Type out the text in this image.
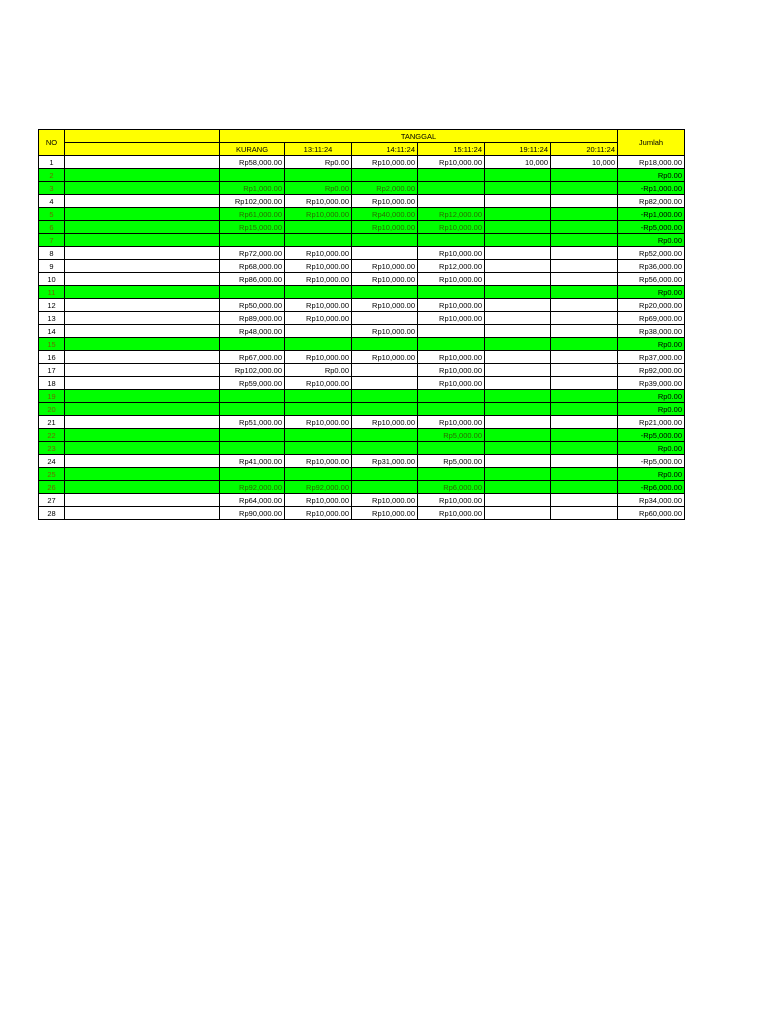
NO		TANGGAL						Jumlah
		KURANG	13:11:24	14:11:24	15:11:24	19:11:24	20:11:24	
1		Rp58,000.00	Rp0.00	Rp10,000.00	Rp10,000.00	10,000	10,000	Rp18,000.00
2								Rp0.00
3		Rp1,000.00	Rp0.00	Rp2,000.00				-Rp1,000.00
4		Rp102,000.00	Rp10,000.00	Rp10,000.00				Rp82,000.00
5		Rp61,000.00	Rp10,000.00	Rp40,000.00	Rp12,000.00			-Rp1,000.00
6		Rp15,000.00		Rp10,000.00	Rp10,000.00			-Rp5,000.00
7								Rp0.00
8		Rp72,000.00	Rp10,000.00		Rp10,000.00			Rp52,000.00
9		Rp68,000.00	Rp10,000.00	Rp10,000.00	Rp12,000.00			Rp36,000.00
10		Rp86,000.00	Rp10,000.00	Rp10,000.00	Rp10,000.00			Rp56,000.00
11								Rp0.00
12		Rp50,000.00	Rp10,000.00	Rp10,000.00	Rp10,000.00			Rp20,000.00
13		Rp89,000.00	Rp10,000.00		Rp10,000.00			Rp69,000.00
14		Rp48,000.00		Rp10,000.00				Rp38,000.00
15								Rp0.00
16		Rp67,000.00	Rp10,000.00	Rp10,000.00	Rp10,000.00			Rp37,000.00
17		Rp102,000.00	Rp0.00		Rp10,000.00			Rp92,000.00
18		Rp59,000.00	Rp10,000.00		Rp10,000.00			Rp39,000.00
19								Rp0.00
20								Rp0.00
21		Rp51,000.00	Rp10,000.00	Rp10,000.00	Rp10,000.00			Rp21,000.00
22					Rp5,000.00			-Rp5,000.00
23								Rp0.00
24		Rp41,000.00	Rp10,000.00	Rp31,000.00	Rp5,000.00			-Rp5,000.00
25								Rp0.00
26		Rp92,000.00	Rp92,000.00		Rp6,000.00			-Rp6,000.00
27		Rp64,000.00	Rp10,000.00	Rp10,000.00	Rp10,000.00			Rp34,000.00
28		Rp90,000.00	Rp10,000.00	Rp10,000.00	Rp10,000.00			Rp60,000.00
